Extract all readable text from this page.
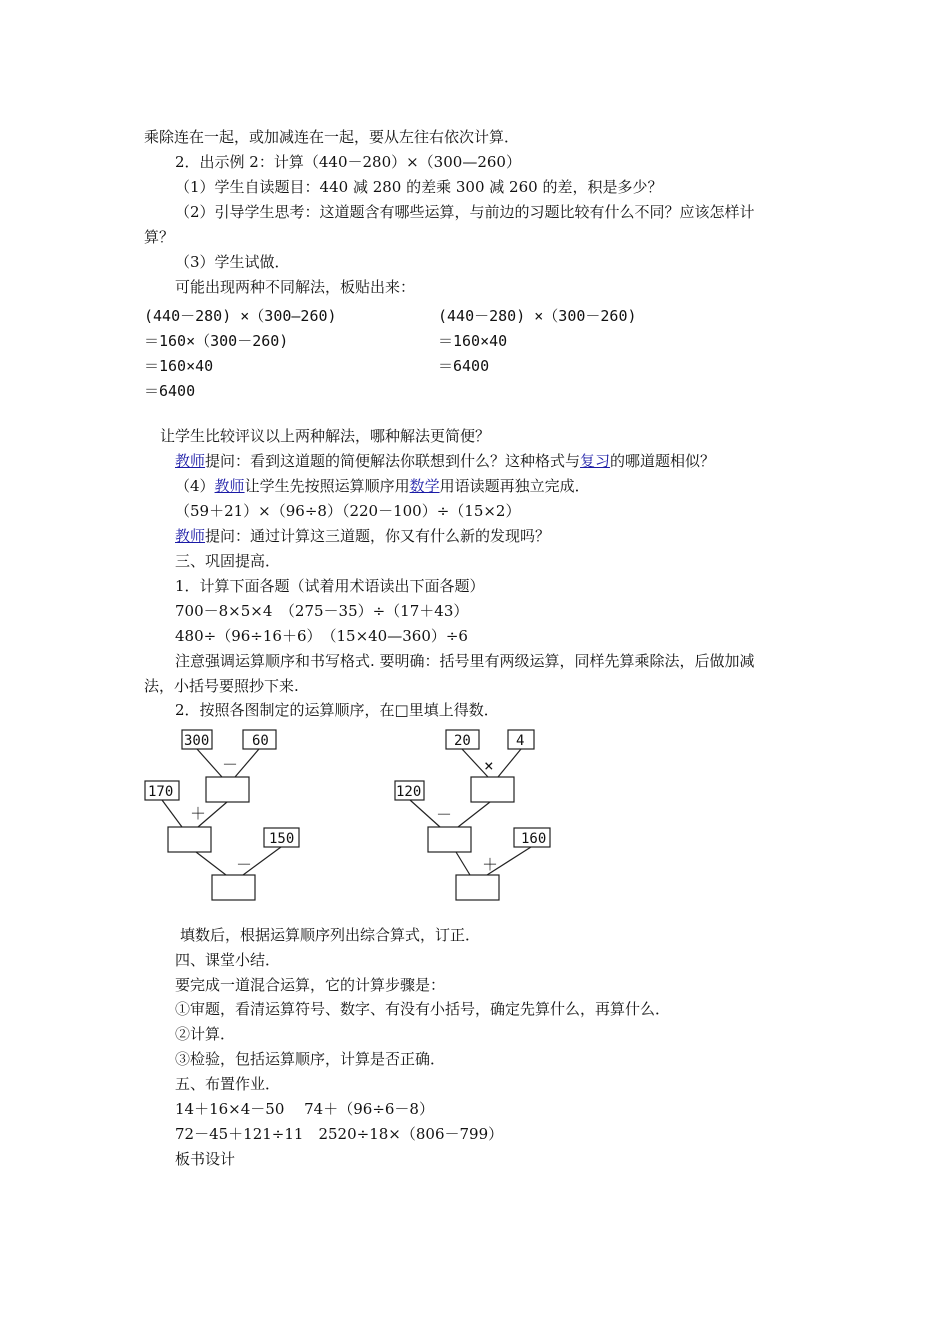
乘除连在一起，或加减连在一起，要从左往右依次计算．
2．出示例 2：计算（440－280）×（300—260）
（1）学生自读题目：440 减 280 的差乘 300 减 260 的差，积是多少？
（2）引导学生思考：这道题含有哪些运算，与前边的习题比较有什么不同？应该怎样计
算？
（3）学生试做．
可能出现两种不同解法，板贴出来：
(440－280) ×（300—260)
＝160×（300－260)
＝160×40
＝6400
(440－280) ×（300－260)
＝160×40
＝6400
让学生比较评议以上两种解法，哪种解法更简便？
教师提问：看到这道题的简便解法你联想到什么？这种格式与复习的哪道题相似？
（4）教师让学生先按照运算顺序用数学用语读题再独立完成．
（59＋21）×（96÷8）（220－100）÷（15×2）
教师提问：通过计算这三道题，你又有什么新的发现吗？
三、巩固提高．
1．计算下面各题（试着用术语读出下面各题）
700－8×5×4　（275－35）÷（17＋43）
480÷（96÷16＋6）　（15×40—360）÷6
注意强调运算顺序和书写格式. 要明确：括号里有两级运算，同样先算乘除法，后做加减
法，小括号要照抄下来.
2．按照各图制定的运算顺序，在□里填上得数．
300	60
－
170
＋
150
－
20	4
×
120
－
160
＋
填数后，根据运算顺序列出综合算式，订正．
四、课堂小结．
要完成一道混合运算，它的计算步骤是：
①审题，看清运算符号、数字、有没有小括号，确定先算什么，再算什么．
②计算．
③检验，包括运算顺序，计算是否正确．
五、布置作业．
14＋16×4－50　 74＋（96÷6－8）
72－45＋121÷11　2520÷18×（806－799）
板书设计
